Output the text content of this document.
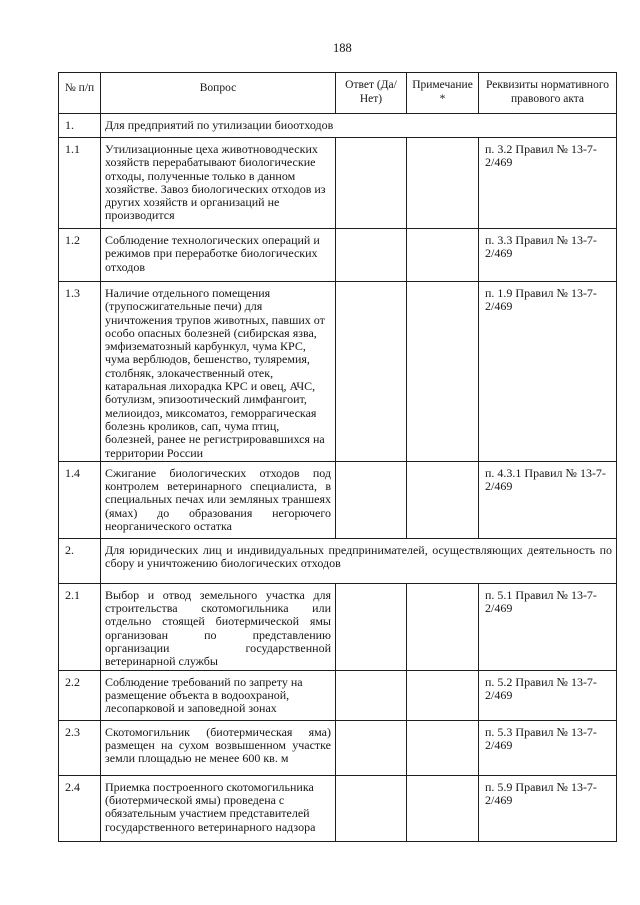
188
№ п/п	Вопрос	Ответ (Да/Нет)	Примечание *	Реквизиты нормативного правового акта
1.	Для предприятий по утилизации биоотходов			
1.1	Утилизационные цеха животноводческих хозяйств перерабатывают биологические отходы, полученные только в данном хозяйстве. Завоз биологических отходов из других хозяйств и организаций не производится			п. 3.2 Правил № 13-7-2/469
1.2	Соблюдение технологических операций и режимов при переработке биологических отходов			п. 3.3 Правил № 13-7-2/469
1.3	Наличие отдельного помещения (трупосжигательные печи) для уничтожения трупов животных, павших от особо опасных болезней (сибирская язва, эмфизематозный карбункул, чума КРС, чума верблюдов, бешенство, туляремия, столбняк, злокачественный отек, катаральная лихорадка КРС и овец, АЧС, ботулизм, эпизоотический лимфангоит, мелиоидоз, миксоматоз, геморрагическая болезнь кроликов, сап, чума птиц, болезней, ранее не регистрировавшихся на территории России			п. 1.9 Правил № 13-7-2/469
1.4	Сжигание биологических отходов под контролем ветеринарного специалиста, в специальных печах или земляных траншеях (ямах) до образования негорючего неорганического остатка			п. 4.3.1 Правил № 13-7-2/469
2.	Для юридических лиц и индивидуальных предпринимателей, осуществляющих деятельность по сбору и уничтожению биологических отходов			
2.1	Выбор и отвод земельного участка для строительства скотомогильника или отдельно стоящей биотермической ямы организован по представлению организации государственной ветеринарной службы			п. 5.1 Правил № 13-7-2/469
2.2	Соблюдение требований по запрету на размещение объекта в водоохраной, лесопарковой и заповедной зонах			п. 5.2 Правил № 13-7-2/469
2.3	Скотомогильник (биотермическая яма) размещен на сухом возвышенном участке земли площадью не менее 600 кв. м			п. 5.3 Правил № 13-7-2/469
2.4	Приемка построенного скотомогильника (биотермической ямы) проведена с обязательным участием представителей государственного ветеринарного надзора			п. 5.9 Правил № 13-7-2/469
